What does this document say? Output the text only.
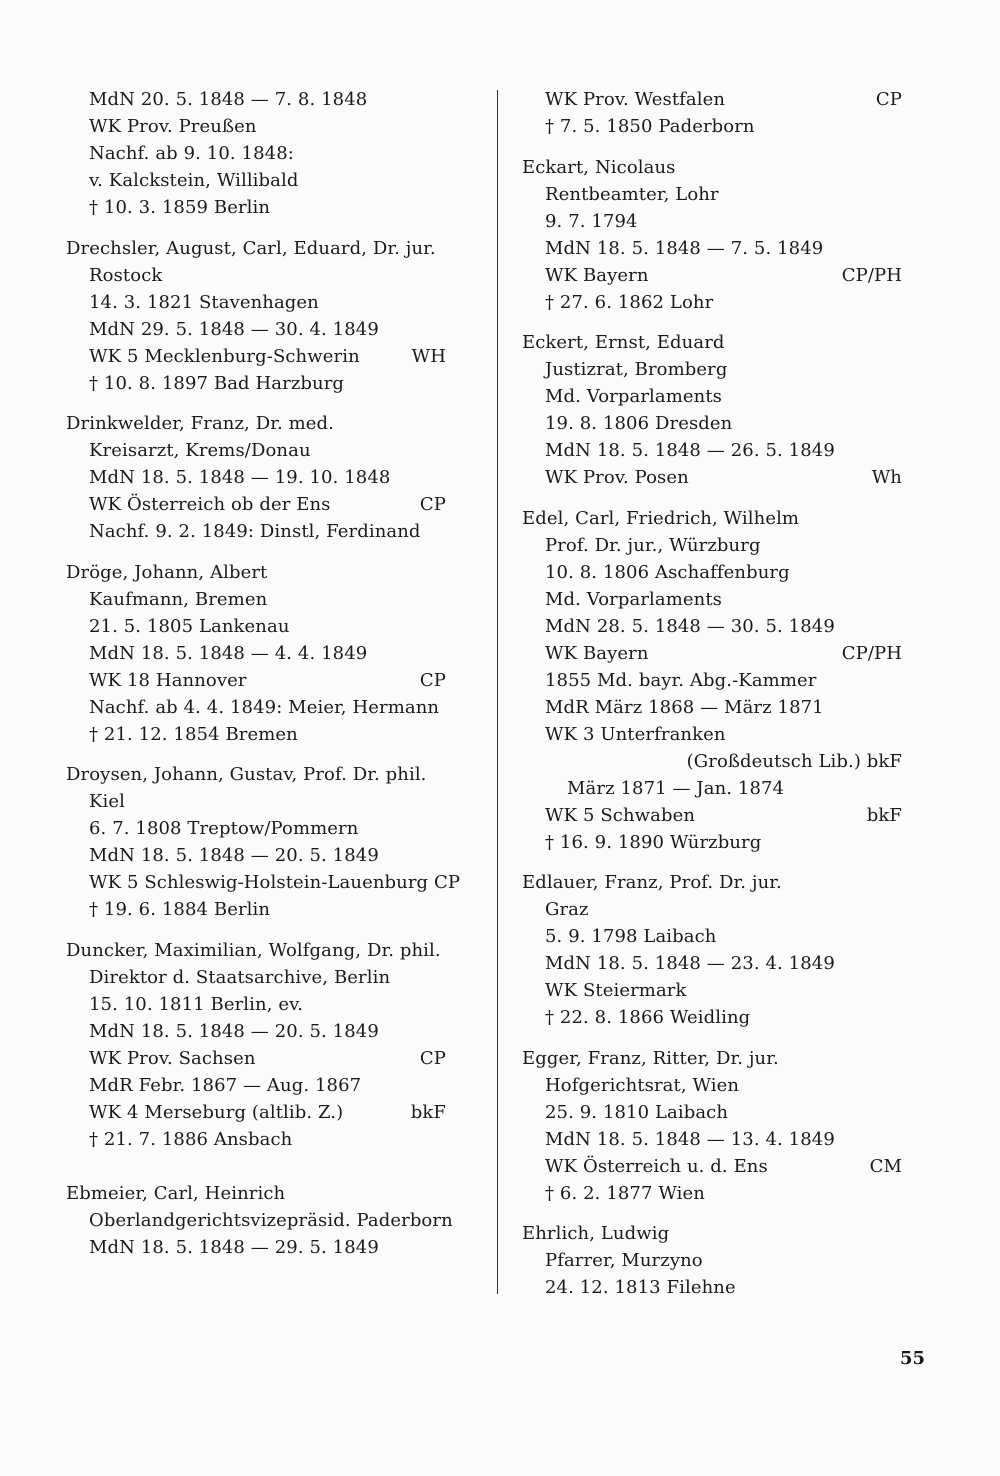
MdN 20. 5. 1848 — 7. 8. 1848
WK Prov. Preußen
Nachf. ab 9. 10. 1848:
v. Kalckstein, Willibald
† 10. 3. 1859 Berlin
Drechsler, August, Carl, Eduard, Dr. jur.
Rostock
14. 3. 1821 Stavenhagen
MdN 29. 5. 1848 — 30. 4. 1849
WK 5 Mecklenburg-Schwerin	WH
† 10. 8. 1897 Bad Harzburg
Drinkwelder, Franz, Dr. med.
Kreisarzt, Krems/Donau
MdN 18. 5. 1848 — 19. 10. 1848
WK Österreich ob der Ens	CP
Nachf. 9. 2. 1849: Dinstl, Ferdinand
Dröge, Johann, Albert
Kaufmann, Bremen
21. 5. 1805 Lankenau
MdN 18. 5. 1848 — 4. 4. 1849
WK 18 Hannover	CP
Nachf. ab 4. 4. 1849: Meier, Hermann
† 21. 12. 1854 Bremen
Droysen, Johann, Gustav, Prof. Dr. phil.
Kiel
6. 7. 1808 Treptow/Pommern
MdN 18. 5. 1848 — 20. 5. 1849
WK 5 Schleswig-Holstein-Lauenburg CP
† 19. 6. 1884 Berlin
Duncker, Maximilian, Wolfgang, Dr. phil.
Direktor d. Staatsarchive, Berlin
15. 10. 1811 Berlin, ev.
MdN 18. 5. 1848 — 20. 5. 1849
WK Prov. Sachsen	CP
MdR Febr. 1867 — Aug. 1867
WK 4 Merseburg (altlib. Z.)	bkF
† 21. 7. 1886 Ansbach
Ebmeier, Carl, Heinrich
Oberlandgerichtsvizepräsid. Paderborn
MdN 18. 5. 1848 — 29. 5. 1849
WK Prov. Westfalen	CP
† 7. 5. 1850 Paderborn
Eckart, Nicolaus
Rentbeamter, Lohr
9. 7. 1794
MdN 18. 5. 1848 — 7. 5. 1849
WK Bayern	CP/PH
† 27. 6. 1862 Lohr
Eckert, Ernst, Eduard
Justizrat, Bromberg
Md. Vorparlaments
19. 8. 1806 Dresden
MdN 18. 5. 1848 — 26. 5. 1849
WK Prov. Posen	Wh
Edel, Carl, Friedrich, Wilhelm
Prof. Dr. jur., Würzburg
10. 8. 1806 Aschaffenburg
Md. Vorparlaments
MdN 28. 5. 1848 — 30. 5. 1849
WK Bayern	CP/PH
1855 Md. bayr. Abg.-Kammer
MdR März 1868 — März 1871
WK 3 Unterfranken
(Großdeutsch Lib.) bkF
März 1871 — Jan. 1874
WK 5 Schwaben	bkF
† 16. 9. 1890 Würzburg
Edlauer, Franz, Prof. Dr. jur.
Graz
5. 9. 1798 Laibach
MdN 18. 5. 1848 — 23. 4. 1849
WK Steiermark
† 22. 8. 1866 Weidling
Egger, Franz, Ritter, Dr. jur.
Hofgerichtsrat, Wien
25. 9. 1810 Laibach
MdN 18. 5. 1848 — 13. 4. 1849
WK Österreich u. d. Ens	CM
† 6. 2. 1877 Wien
Ehrlich, Ludwig
Pfarrer, Murzyno
24. 12. 1813 Filehne
55
